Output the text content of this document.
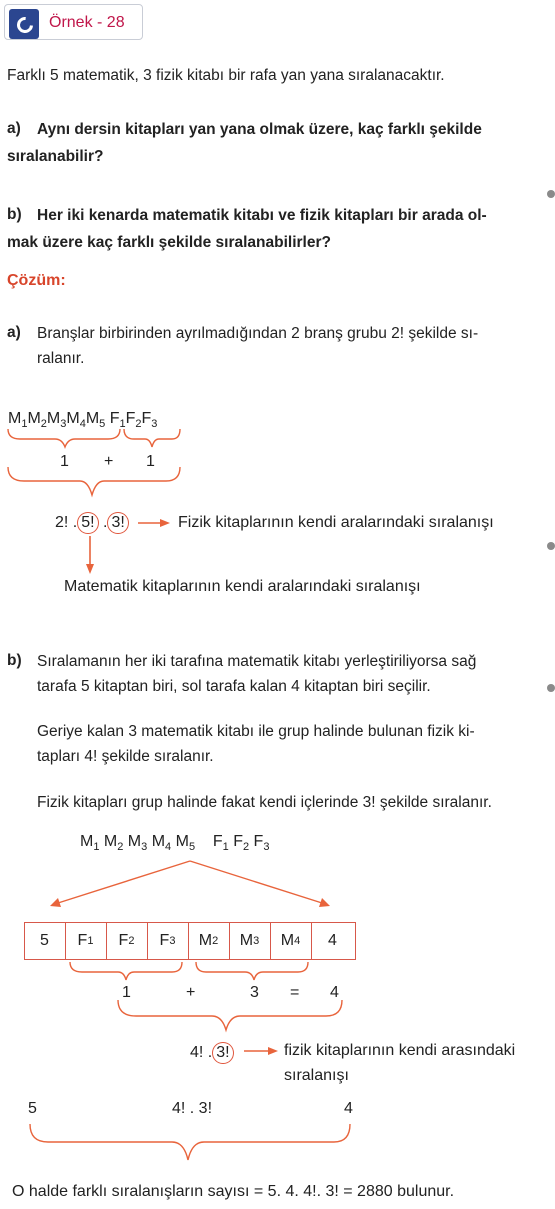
Örnek - 28
Farklı 5 matematik, 3 fizik kitabı bir rafa yan yana sıralanacaktır.
a) Aynı dersin kitapları yan yana olmak üzere, kaç farklı şekilde
sıralanabilir?
b) Her iki kenarda matematik kitabı ve fizik kitapları bir arada ol-
mak üzere kaç farklı şekilde sıralanabilirler?
Çözüm:
a) Branşlar birbirinden ayrılmadığından 2 branş grubu 2! şekilde sı-
ralanır.
$M_1M_2M_3M_4M_5$ $F_1F_2F_3$
1 + 1
2! . 5! . 3!	Fizik kitaplarının kendi aralarındaki sıralanışı
Matematik kitaplarının kendi aralarındaki sıralanışı
b) Sıralamanın her iki tarafına matematik kitabı yerleştiriliyorsa sağ
tarafa 5 kitaptan biri, sol tarafa kalan 4 kitaptan biri seçilir.
Geriye kalan 3 matematik kitabı ile grup halinde bulunan fizik ki-
tapları 4! şekilde sıralanır.
Fizik kitapları grup halinde fakat kendi içlerinde 3! şekilde sıralanır.
$M_1$ $M_2$ $M_3$ $M_4$ $M_5$    $F_1$ $F_2$ $F_3$
5	F 1	F 2	F 3	M 2	M 3	M 4 4
1	+	3 = 4
4! . 3!	fizik kitaplarının kendi arasındaki
sıralanışı
5	4! . 3!	4
O halde farklı sıralanışların sayısı = 5. 4. 4!. 3! = 2880 bulunur.
